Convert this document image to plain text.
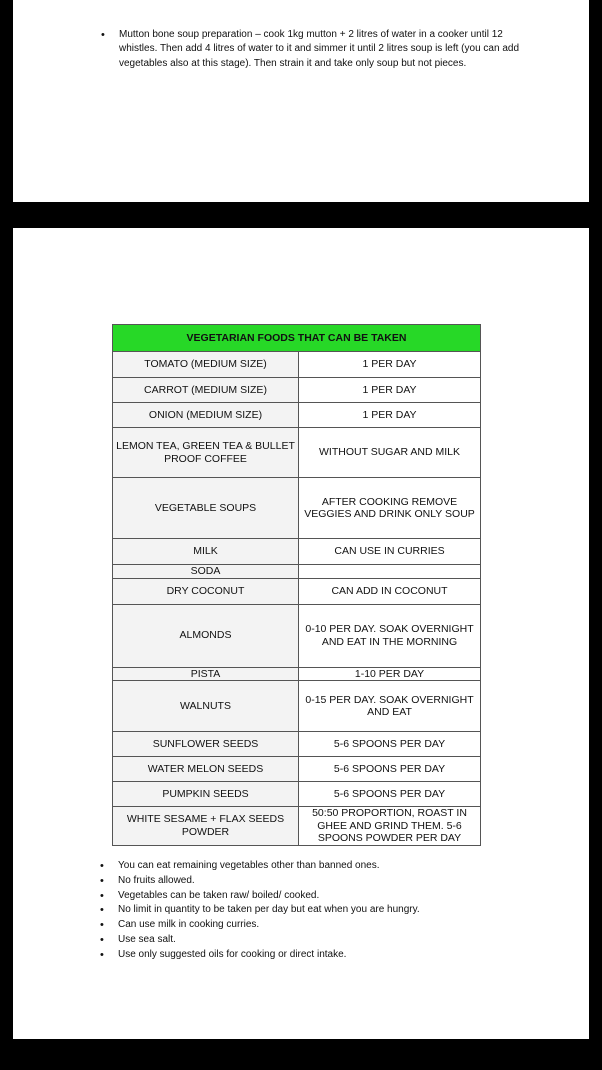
• Mutton bone soup preparation – cook 1kg mutton + 2 litres of water in a cooker until 12 whistles. Then add 4 litres of water to it and simmer it until 2 litres soup is left (you can add vegetables also at this stage). Then strain it and take only soup but not pieces.
VEGETARIAN FOODS THAT CAN BE TAKEN	
TOMATO (MEDIUM SIZE)	1 PER DAY
CARROT (MEDIUM SIZE)	1 PER DAY
ONION (MEDIUM SIZE)	1 PER DAY
LEMON TEA, GREEN TEA & BULLET PROOF COFFEE	WITHOUT SUGAR AND MILK
VEGETABLE SOUPS	AFTER COOKING REMOVE VEGGIES AND DRINK ONLY SOUP
MILK	CAN USE IN CURRIES
SODA	
DRY COCONUT	CAN ADD IN COCONUT
ALMONDS	0-10 PER DAY. SOAK OVERNIGHT AND EAT IN THE MORNING
PISTA	1-10 PER DAY
WALNUTS	0-15 PER DAY. SOAK OVERNIGHT AND EAT
SUNFLOWER SEEDS	5-6 SPOONS PER DAY
WATER MELON SEEDS	5-6 SPOONS PER DAY
PUMPKIN SEEDS	5-6 SPOONS PER DAY
WHITE SESAME + FLAX SEEDS POWDER	50:50 PROPORTION, ROAST IN GHEE AND GRIND THEM. 5-6 SPOONS POWDER PER DAY
• You can eat remaining vegetables other than banned ones.
• No fruits allowed.
• Vegetables can be taken raw/ boiled/ cooked.
• No limit in quantity to be taken per day but eat when you are hungry.
• Can use milk in cooking curries.
• Use sea salt.
• Use only suggested oils for cooking or direct intake.
